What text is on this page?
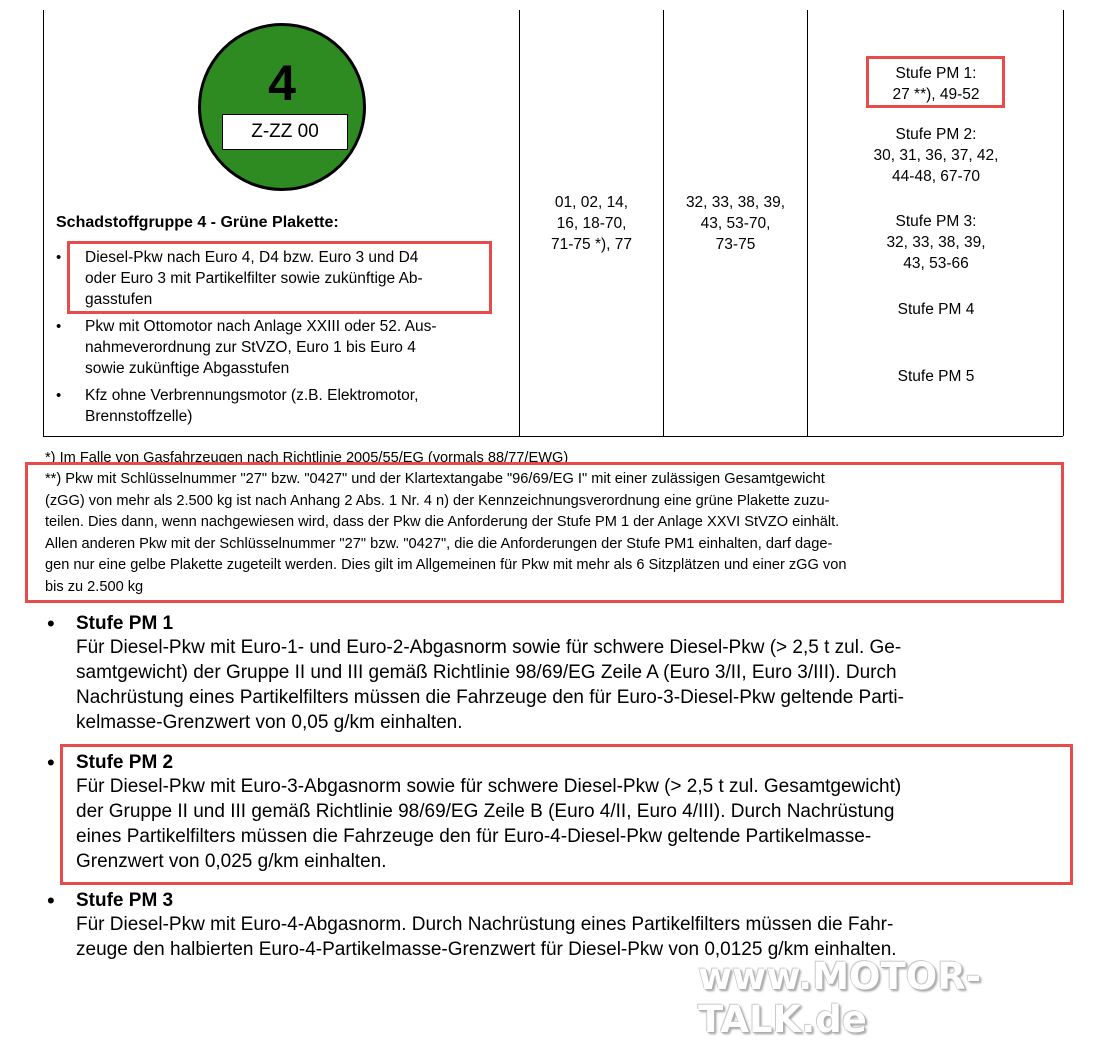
4
Z-ZZ 00
Schadstoffgruppe 4 - Grüne Plakette:
• Diesel-Pkw nach Euro 4, D4 bzw. Euro 3 und D4
oder Euro 3 mit Partikelfilter sowie zukünftige Ab-
gasstufen
• Pkw mit Ottomotor nach Anlage XXIII oder 52. Aus-
nahmeverordnung zur StVZO, Euro 1 bis Euro 4
sowie zukünftige Abgasstufen
• Kfz ohne Verbrennungsmotor (z.B. Elektromotor,
Brennstoffzelle)
01, 02, 14,
16, 18-70,
71-75 *), 77
32, 33, 38, 39,
43, 53-70,
73-75
Stufe PM 1:
27 **), 49-52
Stufe PM 2:
30, 31, 36, 37, 42,
44-48, 67-70
Stufe PM 3:
32, 33, 38, 39,
43, 53-66
Stufe PM 4
Stufe PM 5
*) Im Falle von Gasfahrzeugen nach Richtlinie 2005/55/EG (vormals 88/77/EWG)
**) Pkw mit Schlüsselnummer "27" bzw. "0427" und der Klartextangabe "96/69/EG I" mit einer zulässigen Gesamtgewicht
(zGG) von mehr als 2.500 kg ist nach Anhang 2 Abs. 1 Nr. 4 n) der Kennzeichnungsverordnung eine grüne Plakette zuzu-
teilen. Dies dann, wenn nachgewiesen wird, dass der Pkw die Anforderung der Stufe PM 1 der Anlage XXVI StVZO einhält.
Allen anderen Pkw mit der Schlüsselnummer "27" bzw. "0427", die die Anforderungen der Stufe PM1 einhalten, darf dage-
gen nur eine gelbe Plakette zugeteilt werden. Dies gilt im Allgemeinen für Pkw mit mehr als 6 Sitzplätzen und einer zGG von
bis zu 2.500 kg
• Stufe PM 1
Für Diesel-Pkw mit Euro-1- und Euro-2-Abgasnorm sowie für schwere Diesel-Pkw (> 2,5 t zul. Ge-
samtgewicht) der Gruppe II und III gemäß Richtlinie 98/69/EG Zeile A (Euro 3/II, Euro 3/III). Durch
Nachrüstung eines Partikelfilters müssen die Fahrzeuge den für Euro-3-Diesel-Pkw geltende Parti-
kelmasse-Grenzwert von 0,05 g/km einhalten.
• Stufe PM 2
Für Diesel-Pkw mit Euro-3-Abgasnorm sowie für schwere Diesel-Pkw (> 2,5 t zul. Gesamtgewicht)
der Gruppe II und III gemäß Richtlinie 98/69/EG Zeile B (Euro 4/II, Euro 4/III). Durch Nachrüstung
eines Partikelfilters müssen die Fahrzeuge den für Euro-4-Diesel-Pkw geltende Partikelmasse-
Grenzwert von 0,025 g/km einhalten.
• Stufe PM 3
Für Diesel-Pkw mit Euro-4-Abgasnorm. Durch Nachrüstung eines Partikelfilters müssen die Fahr-
zeuge den halbierten Euro-4-Partikelmasse-Grenzwert für Diesel-Pkw von 0,0125 g/km einhalten.
www.MOTOR-TALK.de
